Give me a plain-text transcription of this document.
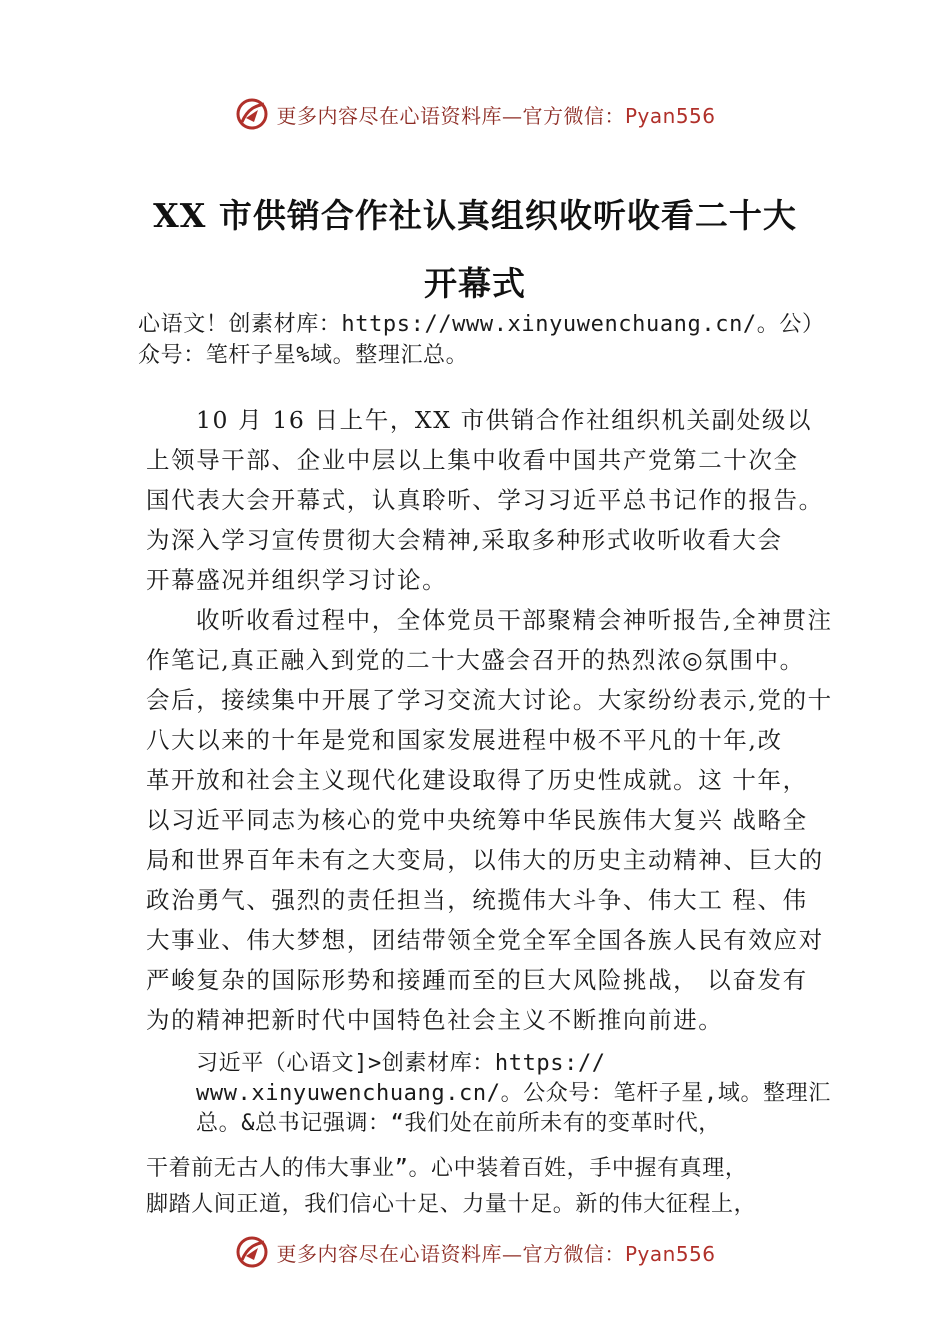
更多内容尽在心语资料库—官方微信：Pyan556
XX 市供销合作社认真组织收听收看二十大
开幕式
心语文！创素材库：https://www.xinyuwenchuang.cn/。公）
众号：笔杆子星%域。整理汇总。
10 月 16 日上午，XX 市供销合作社组织机关副处级以
上领导干部、企业中层以上集中收看中国共产党第二十次全
国代表大会开幕式，认真聆听、学习习近平总书记作的报告。
为深入学习宣传贯彻大会精神,采取多种形式收听收看大会
开幕盛况并组织学习讨论。
收听收看过程中，全体党员干部聚精会神听报告,全神贯注
作笔记,真正融入到党的二十大盛会召开的热烈浓◎氛围中。
会后，接续集中开展了学习交流大讨论。大家纷纷表示,党的十
八大以来的十年是党和国家发展进程中极不平凡的十年,改
革开放和社会主义现代化建设取得了历史性成就。这 十年，
以习近平同志为核心的党中央统筹中华民族伟大复兴 战略全
局和世界百年未有之大变局，以伟大的历史主动精神、巨大的
政治勇气、强烈的责任担当，统揽伟大斗争、伟大工 程、伟
大事业、伟大梦想，团结带领全党全军全国各族人民有效应对
严峻复杂的国际形势和接踵而至的巨大风险挑战， 以奋发有
为的精神把新时代中国特色社会主义不断推向前进。
习近平（心语文]>创素材库：https://
www.xinyuwenchuang.cn/。公众号：笔杆子星,域。整理汇
总。&总书记强调：“我们处在前所未有的变革时代，
干着前无古人的伟大事业”。心中装着百姓，手中握有真理，
脚踏人间正道，我们信心十足、力量十足。新的伟大征程上，
更多内容尽在心语资料库—官方微信：Pyan556
